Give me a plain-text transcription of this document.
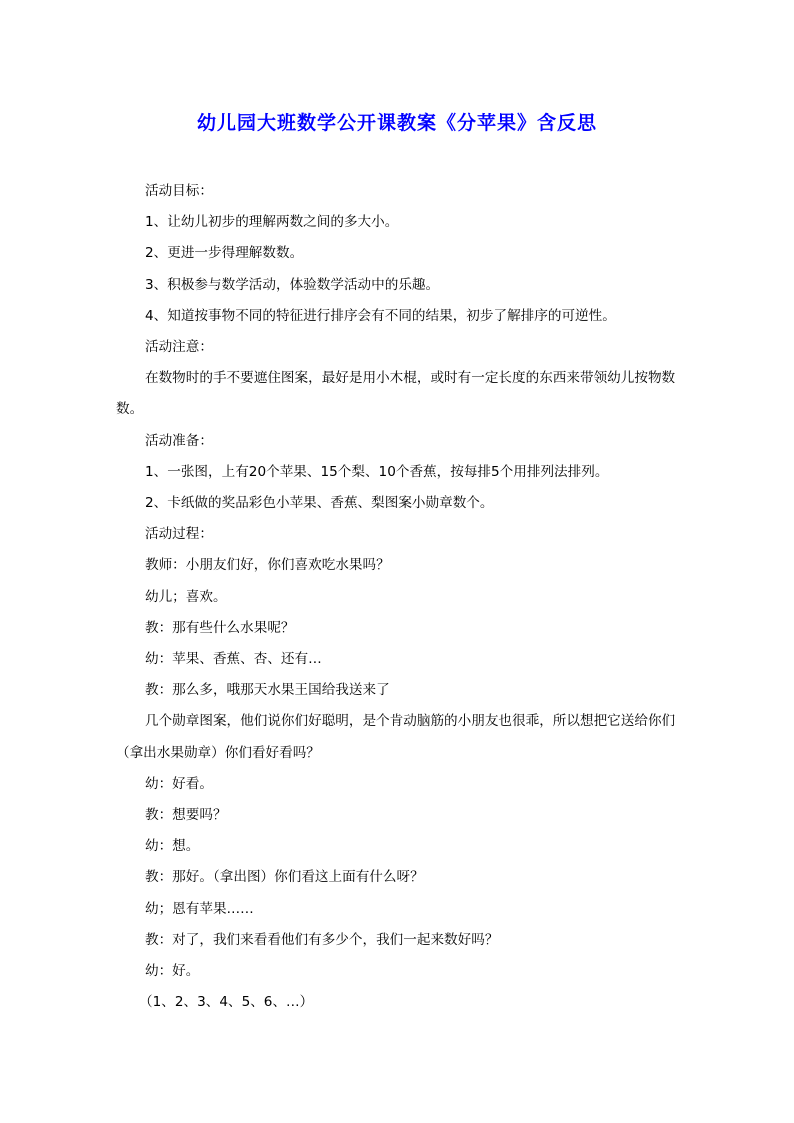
幼儿园大班数学公开课教案《分苹果》含反思

活动目标：

1、让幼儿初步的理解两数之间的多大小。

2、更进一步得理解数数。

3、积极参与数学活动，体验数学活动中的乐趣。

4、知道按事物不同的特征进行排序会有不同的结果，初步了解排序的可逆性。

活动注意：

在数物时的手不要遮住图案，最好是用小木棍，或时有一定长度的东西来带领幼儿按物数数。

活动准备：

1、一张图，上有20个苹果、15个梨、10个香蕉，按每排5个用排列法排列。

2、卡纸做的奖品彩色小苹果、香蕉、梨图案小勋章数个。

活动过程：

教师：小朋友们好，你们喜欢吃水果吗？

幼儿；喜欢。

教：那有些什么水果呢？

幼：苹果、香蕉、杏、还有…

教：那么多，哦那天水果王国给我送来了

几个勋章图案，他们说你们好聪明，是个肯动脑筋的小朋友也很乖，所以想把它送给你们（拿出水果勋章）你们看好看吗？

幼：好看。

教：想要吗？

幼：想。

教：那好。（拿出图）你们看这上面有什么呀？

幼；恩有苹果……

教：对了，我们来看看他们有多少个，我们一起来数好吗？

幼：好。

（1、2、3、4、5、6、…）
